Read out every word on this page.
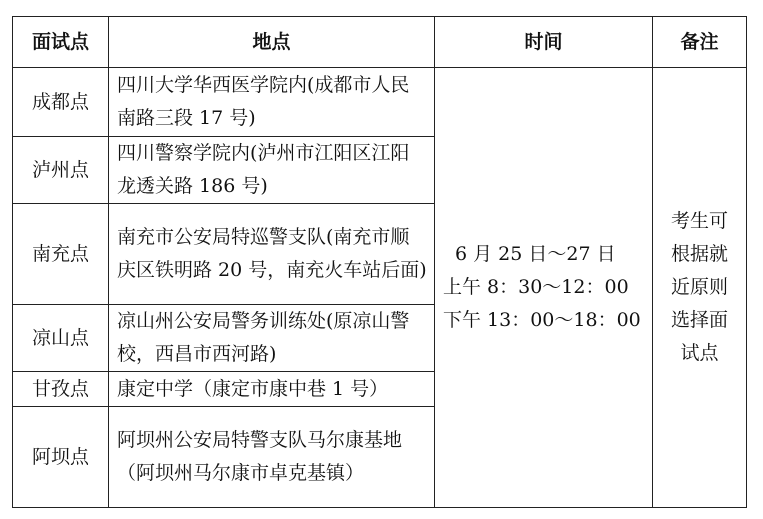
面试点	地点	时间	备注
成都点	四川大学华西医学院内(成都市人民南路三段 17 号)	6 月 25 日～27 日
上午 8：30～12：00
下午 13：00～18：00	考生可根据就近原则选择面试点
泸州点	四川警察学院内(泸州市江阳区江阳龙透关路 186 号)		
南充点	南充市公安局特巡警支队(南充市顺庆区铁明路 20 号，南充火车站后面)		
凉山点	凉山州公安局警务训练处(原凉山警校，西昌市西河路)		
甘孜点	康定中学（康定市康中巷 1 号）		
阿坝点	阿坝州公安局特警支队马尔康基地（阿坝州马尔康市卓克基镇）		
